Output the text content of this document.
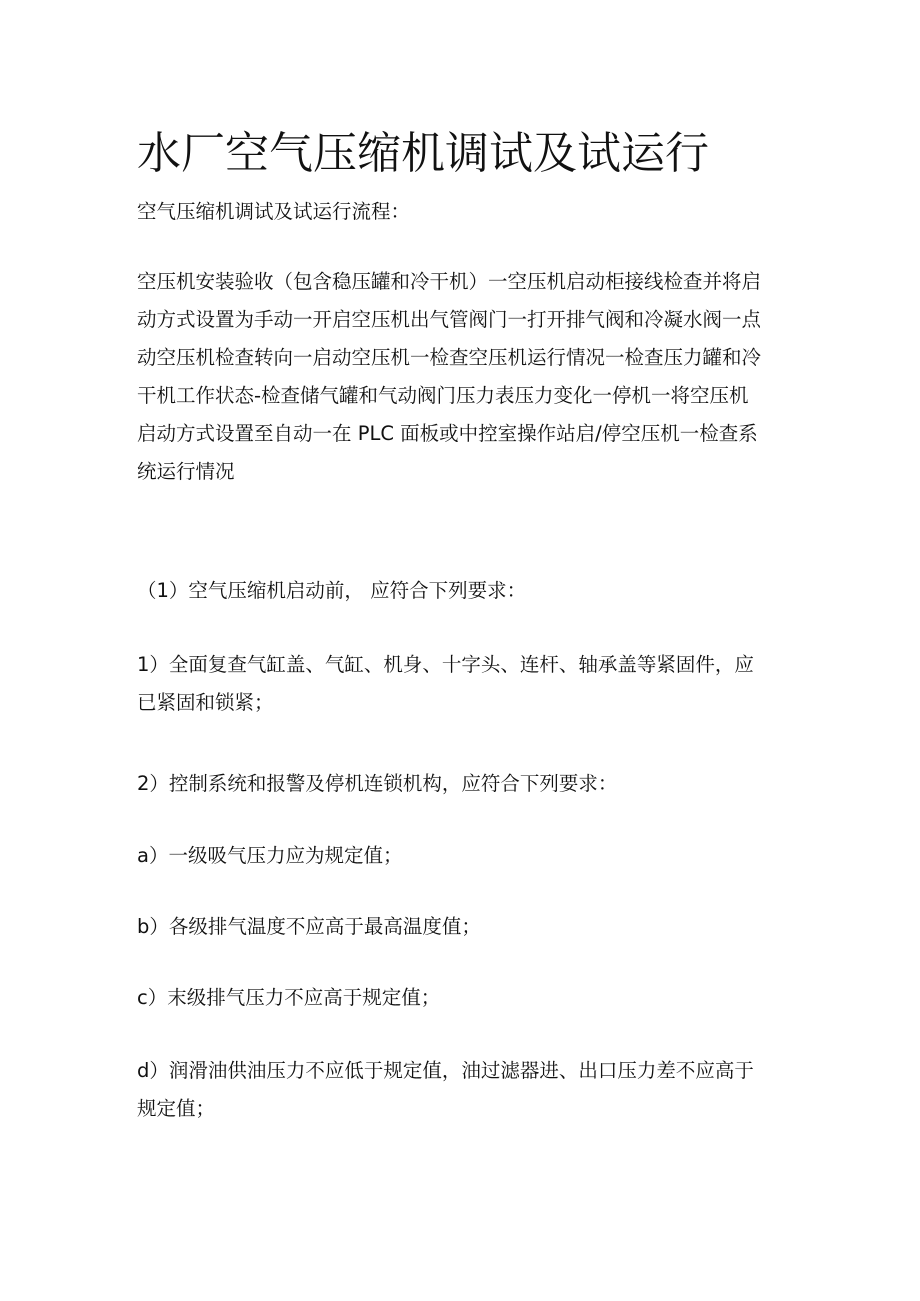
水厂空气压缩机调试及试运行

空气压缩机调试及试运行流程：

空压机安装验收（包含稳压罐和冷干机）一空压机启动柜接线检查并将启
动方式设置为手动一开启空压机出气管阀门一打开排气阀和冷凝水阀一点
动空压机检查转向一启动空压机一检查空压机运行情况一检查压力罐和冷
干机工作状态-检查储气罐和气动阀门压力表压力变化一停机一将空压机
启动方式设置至自动一在 PLC 面板或中控室操作站启/停空压机一检查系
统运行情况

（1）空气压缩机启动前， 应符合下列要求：

1）全面复查气缸盖、气缸、机身、十字头、连杆、轴承盖等紧固件，应
已紧固和锁紧；

2）控制系统和报警及停机连锁机构，应符合下列要求：

a）一级吸气压力应为规定值；

b）各级排气温度不应高于最高温度值；

c）末级排气压力不应高于规定值；

d）润滑油供油压力不应低于规定值，油过滤器进、出口压力差不应高于
规定值；
